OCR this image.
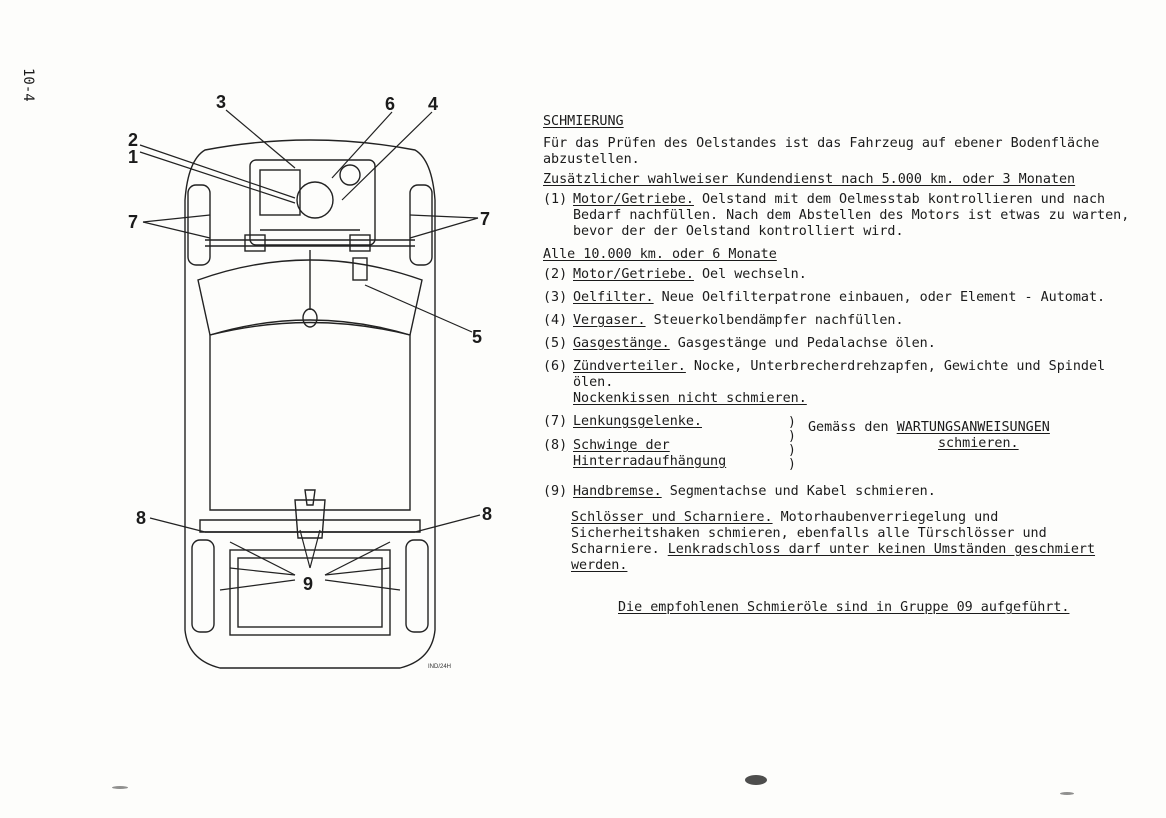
10-4
2
1
3	6 4
7	7
5
8	8
9
IND/24H

SCHMIERUNG

Für das Prüfen des Oelstandes ist das Fahrzeug auf ebener Bodenfläche abzustellen.

Zusätzlicher wahlweiser Kundendienst nach 5.000 km. oder 3 Monaten

(1) Motor/Getriebe. Oelstand mit dem Oelmesstab kontrollieren und nach Bedarf nachfüllen. Nach dem Abstellen des Motors ist etwas zu warten, bevor der der Oelstand kontrolliert wird.

Alle 10.000 km. oder 6 Monate

(2) Motor/Getriebe. Oel wechseln.
(3) Oelfilter. Neue Oelfilterpatrone einbauen, oder Element - Automat.
(4) Vergaser. Steuerkolbendämpfer nachfüllen.
(5) Gasgestänge. Gasgestänge und Pedalachse ölen.
(6) Zündverteiler. Nocke, Unterbrecherdrehzapfen, Gewichte und Spindel ölen.
Nockenkissen nicht schmieren.
(7) Lenkungsgelenke.
(8) Schwinge der Hinterradaufhängung
)
)
)
)
Gemäss den WARTUNGSANWEISUNGEN
schmieren.
(9) Handbremse. Segmentachse und Kabel schmieren.

Schlösser und Scharniere. Motorhaubenverriegelung und Sicherheitshaken schmieren, ebenfalls alle Türschlösser und Scharniere. Lenkradschloss darf unter keinen Umständen geschmiert werden.

Die empfohlenen Schmieröle sind in Gruppe 09 aufgeführt.
